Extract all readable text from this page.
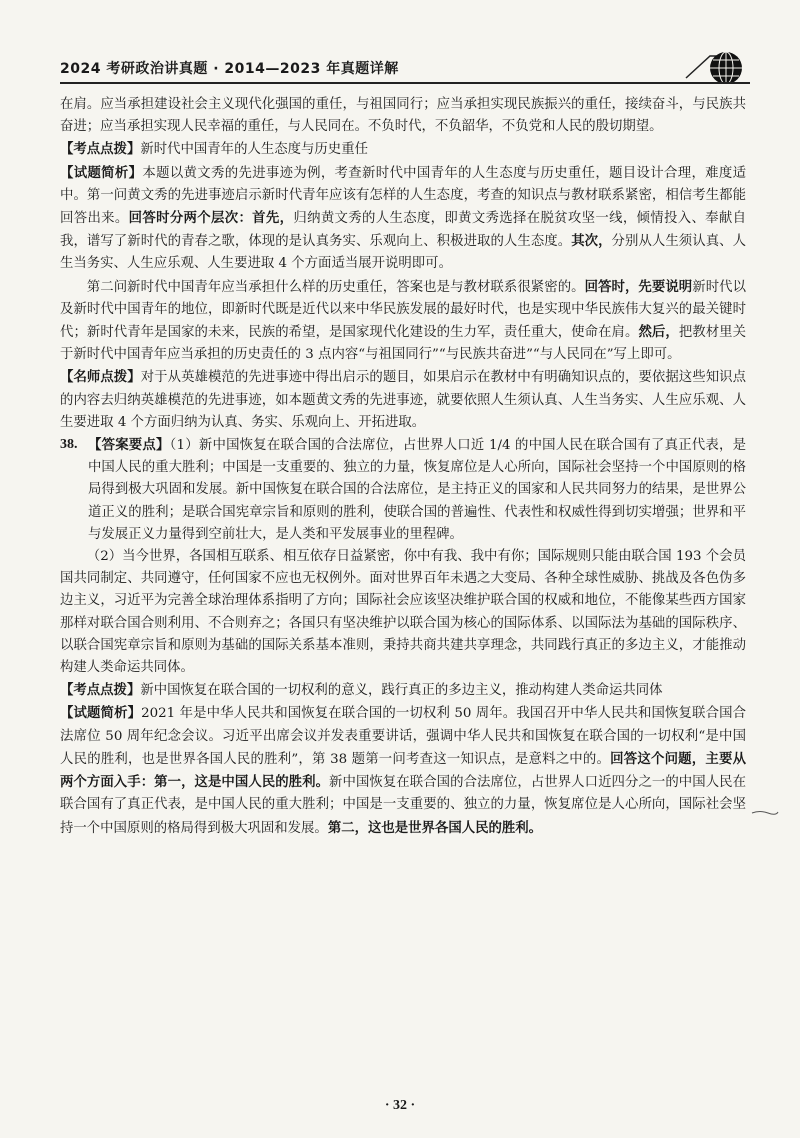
2024 考研政治讲真题 · 2014—2023 年真题详解

在肩。应当承担建设社会主义现代化强国的重任，与祖国同行；应当承担实现民族振兴的重任，接续奋斗，与民族共奋进；应当承担实现人民幸福的重任，与人民同在。不负时代，不负韶华，不负党和人民的殷切期望。

【考点点拨】新时代中国青年的人生态度与历史重任

【试题简析】本题以黄文秀的先进事迹为例，考查新时代中国青年的人生态度与历史重任，题目设计合理，难度适中。第一问黄文秀的先进事迹启示新时代青年应该有怎样的人生态度，考查的知识点与教材联系紧密，相信考生都能回答出来。回答时分两个层次：首先，归纳黄文秀的人生态度，即黄文秀选择在脱贫攻坚一线，倾情投入、奉献自我，谱写了新时代的青春之歌，体现的是认真务实、乐观向上、积极进取的人生态度。其次，分别从人生须认真、人生当务实、人生应乐观、人生要进取 4 个方面适当展开说明即可。

第二问新时代中国青年应当承担什么样的历史重任，答案也是与教材联系很紧密的。回答时，先要说明新时代以及新时代中国青年的地位，即新时代既是近代以来中华民族发展的最好时代，也是实现中华民族伟大复兴的最关键时代；新时代青年是国家的未来，民族的希望，是国家现代化建设的生力军，责任重大，使命在肩。然后，把教材里关于新时代中国青年应当承担的历史责任的 3 点内容“与祖国同行”“与民族共奋进”“与人民同在”写上即可。

【名师点拨】对于从英雄模范的先进事迹中得出启示的题目，如果启示在教材中有明确知识点的，要依据这些知识点的内容去归纳英雄模范的先进事迹，如本题黄文秀的先进事迹，就要依照人生须认真、人生当务实、人生应乐观、人生要进取 4 个方面归纳为认真、务实、乐观向上、开拓进取。

38. 【答案要点】（1）新中国恢复在联合国的合法席位，占世界人口近 1/4 的中国人民在联合国有了真正代表，是中国人民的重大胜利；中国是一支重要的、独立的力量，恢复席位是人心所向，国际社会坚持一个中国原则的格局得到极大巩固和发展。新中国恢复在联合国的合法席位，是主持正义的国家和人民共同努力的结果，是世界公道正义的胜利；是联合国宪章宗旨和原则的胜利，使联合国的普遍性、代表性和权威性得到切实增强；世界和平与发展正义力量得到空前壮大，是人类和平发展事业的里程碑。

（2）当今世界，各国相互联系、相互依存日益紧密，你中有我、我中有你；国际规则只能由联合国 193 个会员国共同制定、共同遵守，任何国家不应也无权例外。面对世界百年未遇之大变局、各种全球性威胁、挑战及各色伪多边主义，习近平为完善全球治理体系指明了方向；国际社会应该坚决维护联合国的权威和地位，不能像某些西方国家那样对联合国合则利用、不合则弃之；各国只有坚决维护以联合国为核心的国际体系、以国际法为基础的国际秩序、以联合国宪章宗旨和原则为基础的国际关系基本准则，秉持共商共建共享理念，共同践行真正的多边主义，才能推动构建人类命运共同体。

【考点点拨】新中国恢复在联合国的一切权利的意义，践行真正的多边主义，推动构建人类命运共同体

【试题简析】2021 年是中华人民共和国恢复在联合国的一切权利 50 周年。我国召开中华人民共和国恢复联合国合法席位 50 周年纪念会议。习近平出席会议并发表重要讲话，强调中华人民共和国恢复在联合国的一切权利“是中国人民的胜利，也是世界各国人民的胜利”，第 38 题第一问考查这一知识点，是意料之中的。回答这个问题，主要从两个方面入手：第一，这是中国人民的胜利。新中国恢复在联合国的合法席位，占世界人口近四分之一的中国人民在联合国有了真正代表，是中国人民的重大胜利；中国是一支重要的、独立的力量，恢复席位是人心所向，国际社会坚持一个中国原则的格局得到极大巩固和发展。第二，这也是世界各国人民的胜利。

· 32 ·
